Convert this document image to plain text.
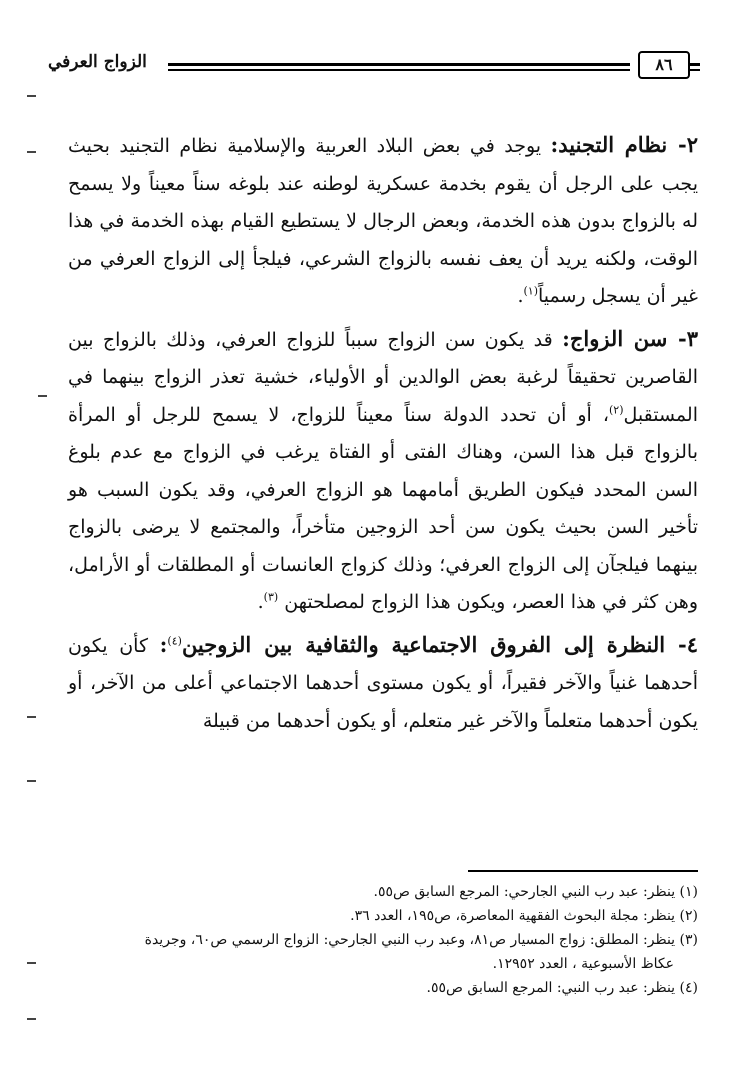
الزواج العرفي	٨٦

٢- نظام التجنيد: يوجد في بعض البلاد العربية والإسلامية نظام التجنيد بحيث يجب على الرجل أن يقوم بخدمة عسكرية لوطنه عند بلوغه سناً معيناً ولا يسمح له بالزواج بدون هذه الخدمة، وبعض الرجال لا يستطيع القيام بهذه الخدمة في هذا الوقت، ولكنه يريد أن يعف نفسه بالزواج الشرعي، فيلجأ إلى الزواج العرفي من غير أن يسجل رسمياً$^{(١)}$.

٣- سن الزواج: قد يكون سن الزواج سبباً للزواج العرفي، وذلك بالزواج بين القاصرين تحقيقاً لرغبة بعض الوالدين أو الأولياء، خشية تعذر الزواج بينهما في المستقبل$^{(٢)}$، أو أن تحدد الدولة سناً معيناً للزواج، لا يسمح للرجل أو المرأة بالزواج قبل هذا السن، وهناك الفتى أو الفتاة يرغب في الزواج مع عدم بلوغ السن المحدد فيكون الطريق أمامهما هو الزواج العرفي، وقد يكون السبب هو تأخير السن بحيث يكون سن أحد الزوجين متأخراً، والمجتمع لا يرضى بالزواج بينهما فيلجآن إلى الزواج العرفي؛ وذلك كزواج العانسات أو المطلقات أو الأرامل، وهن كثر في هذا العصر، ويكون هذا الزواج لمصلحتهن $^{(٣)}$.

٤- النظرة إلى الفروق الاجتماعية والثقافية بين الزوجين$^{(٤)}$: كأن يكون أحدهما غنياً والآخر فقيراً، أو يكون مستوى أحدهما الاجتماعي أعلى من الآخر، أو يكون أحدهما متعلماً والآخر غير متعلم، أو يكون أحدهما من قبيلة

(١) ينظر: عبد رب النبي الجارحي: المرجع السابق ص٥٥.

(٢) ينظر: مجلة البحوث الفقهية المعاصرة، ص١٩٥، العدد ٣٦.

(٣) ينظر: المطلق: زواج المسيار ص٨١، وعبد رب النبي الجارحي: الزواج الرسمي ص٦٠، وجريدة

عكاظ الأسبوعية ، العدد ١٢٩٥٢.

(٤) ينظر: عبد رب النبي: المرجع السابق ص٥٥.
